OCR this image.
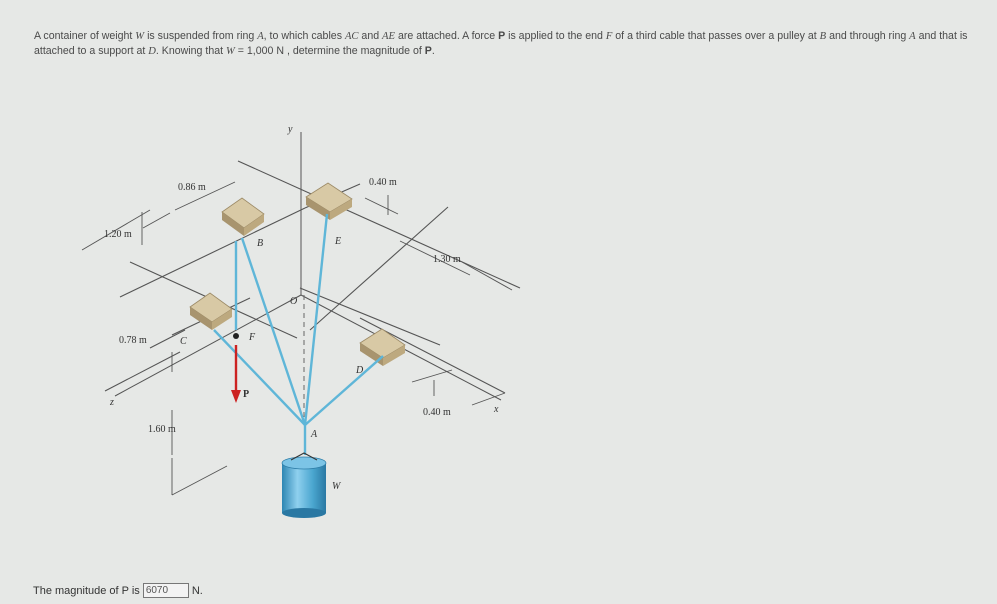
A container of weight W is suspended from ring A, to which cables AC and AE are attached. A force P is applied to the end F of a third cable that passes over a pulley at B and through ring A and that is attached to a support at D. Knowing that W = 1,000 N , determine the magnitude of P.
0.86 m	0.40 m
1.20 m
1.30 m
0.78 m
1.60 m
0.40 m
y
x
z
O
A
B
C
D
E
F
W
P
The magnitude of P is
6070	N.
